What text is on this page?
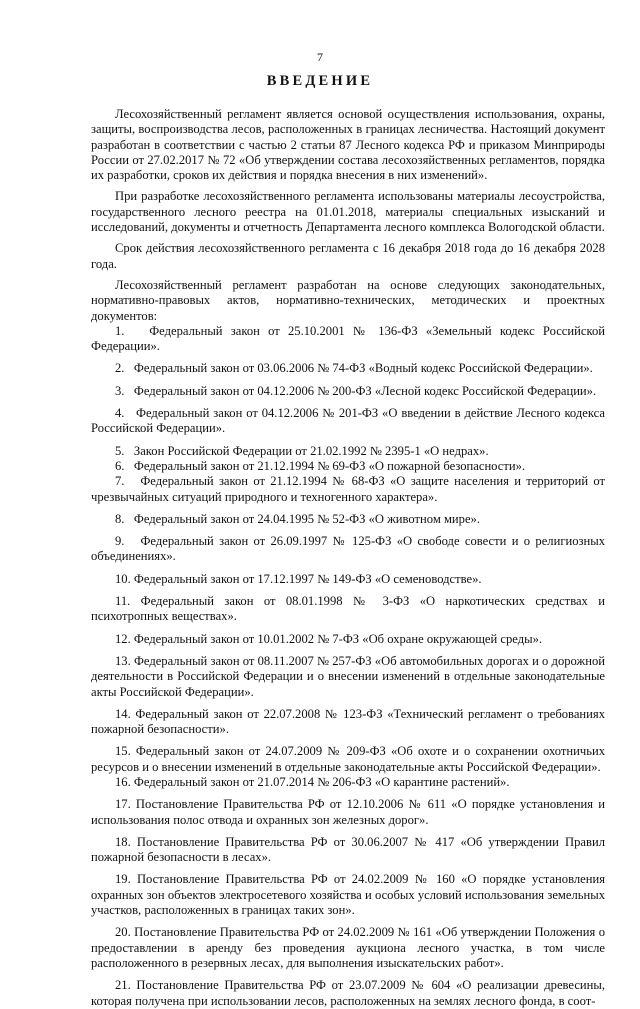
7
ВВЕДЕНИЕ

Лесохозяйственный регламент является основой осуществления использования, охраны, защиты, воспроизводства лесов, расположенных в границах лесничества. Настоящий документ разработан в соответствии с частью 2 статьи 87 Лесного кодекса РФ и приказом Минприроды России от 27.02.2017 № 72 «Об утверждении состава лесохозяйственных регламентов, порядка их разработки, сроков их действия и порядка внесения в них изменений».

При разработке лесохозяйственного регламента использованы материалы лесоустройства, государственного лесного реестра на 01.01.2018, материалы специальных изысканий и исследований, документы и отчетность Департамента лесного комплекса Вологодской области.

Срок действия лесохозяйственного регламента с 16 декабря 2018 года до 16 декабря 2028 года.

Лесохозяйственный регламент разработан на основе следующих законодательных, нормативно-правовых актов, нормативно-технических, методических и проектных документов:

1.   Федеральный закон от 25.10.2001 № 136-ФЗ «Земельный кодекс Российской Федерации».
2.   Федеральный закон от 03.06.2006 № 74-ФЗ «Водный кодекс Российской Федерации».
3.   Федеральный закон от 04.12.2006 № 200-ФЗ «Лесной кодекс Российской Федерации».
4.   Федеральный закон от 04.12.2006 № 201-ФЗ «О введении в действие Лесного кодекса Российской Федерации».
5.   Закон Российской Федерации от 21.02.1992 № 2395-1 «О недрах».
6.   Федеральный закон от 21.12.1994 № 69-ФЗ «О пожарной безопасности».
7.   Федеральный закон от 21.12.1994 № 68-ФЗ «О защите населения и территорий от чрезвычайных ситуаций природного и техногенного характера».
8.   Федеральный закон от 24.04.1995 № 52-ФЗ «О животном мире».
9.   Федеральный закон от 26.09.1997 № 125-ФЗ «О свободе совести и о религиозных объединениях».
10. Федеральный закон от 17.12.1997 № 149-ФЗ «О семеноводстве».
11. Федеральный закон от 08.01.1998 № 3-ФЗ «О наркотических средствах и психотропных веществах».
12. Федеральный закон от 10.01.2002 № 7-ФЗ «Об охране окружающей среды».
13. Федеральный закон от 08.11.2007 № 257-ФЗ «Об автомобильных дорогах и о дорожной деятельности в Российской Федерации и о внесении изменений в отдельные законодательные акты Российской Федерации».
14. Федеральный закон от 22.07.2008 № 123-ФЗ «Технический регламент о требованиях пожарной безопасности».
15. Федеральный закон от 24.07.2009 № 209-ФЗ «Об охоте и о сохранении охотничьих ресурсов и о внесении изменений в отдельные законодательные акты Российской Федерации».
16. Федеральный закон от 21.07.2014 № 206-ФЗ «О карантине растений».
17. Постановление Правительства РФ от 12.10.2006 № 611 «О порядке установления и использования полос отвода и охранных зон железных дорог».
18. Постановление Правительства РФ от 30.06.2007 № 417 «Об утверждении Правил пожарной безопасности в лесах».
19. Постановление Правительства РФ от 24.02.2009 № 160 «О порядке установления охранных зон объектов электросетевого хозяйства и особых условий использования земельных участков, расположенных в границах таких зон».
20. Постановление Правительства РФ от 24.02.2009 № 161 «Об утверждении Положения о предоставлении в аренду без проведения аукциона лесного участка, в том числе расположенного в резервных лесах, для выполнения изыскательских работ».
21. Постановление Правительства РФ от 23.07.2009 № 604 «О реализации древесины, которая получена при использовании лесов, расположенных на землях лесного фонда, в соот-
